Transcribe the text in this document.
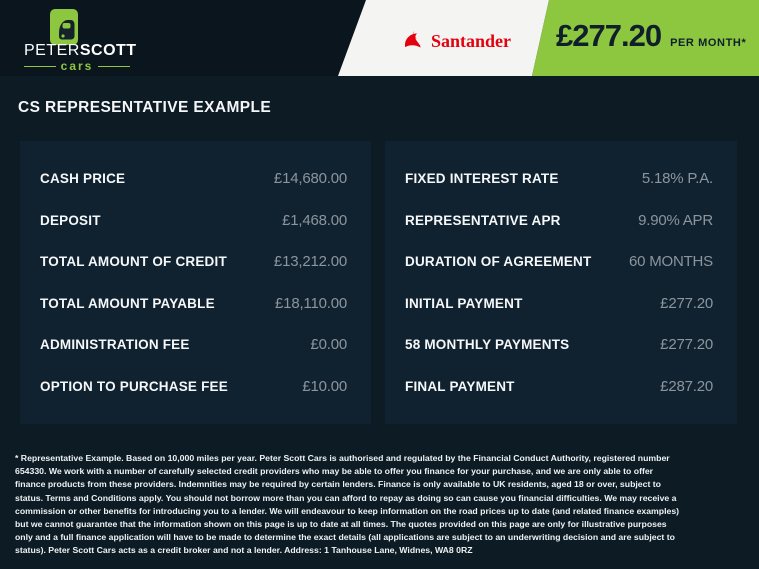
PETERSCOTT
cars
Santander £277.20 PER MONTH*
CS REPRESENTATIVE EXAMPLE
CASH PRICE	£14,680.00
DEPOSIT	£1,468.00
TOTAL AMOUNT OF CREDIT	£13,212.00
TOTAL AMOUNT PAYABLE	£18,110.00
ADMINISTRATION FEE	£0.00
OPTION TO PURCHASE FEE	£10.00
FIXED INTEREST RATE	5.18% P.A.
REPRESENTATIVE APR	9.90% APR
DURATION OF AGREEMENT 60 MONTHS
INITIAL PAYMENT	£277.20
58 MONTHLY PAYMENTS	£277.20
FINAL PAYMENT	£287.20
* Representative Example. Based on 10,000 miles per year. Peter Scott Cars is authorised and regulated by the Financial Conduct Authority, registered number 654330. We work with a number of carefully selected credit providers who may be able to offer you finance for your purchase, and we are only able to offer finance products from these providers. Indemnities may be required by certain lenders. Finance is only available to UK residents, aged 18 or over, subject to status. Terms and Conditions apply. You should not borrow more than you can afford to repay as doing so can cause you financial difficulties. We may receive a commission or other benefits for introducing you to a lender. We will endeavour to keep information on the road prices up to date (and related finance examples) but we cannot guarantee that the information shown on this page is up to date at all times. The quotes provided on this page are only for illustrative purposes only and a full finance application will have to be made to determine the exact details (all applications are subject to an underwriting decision and are subject to status). Peter Scott Cars acts as a credit broker and not a lender. Address: 1 Tanhouse Lane, Widnes, WA8 0RZ
